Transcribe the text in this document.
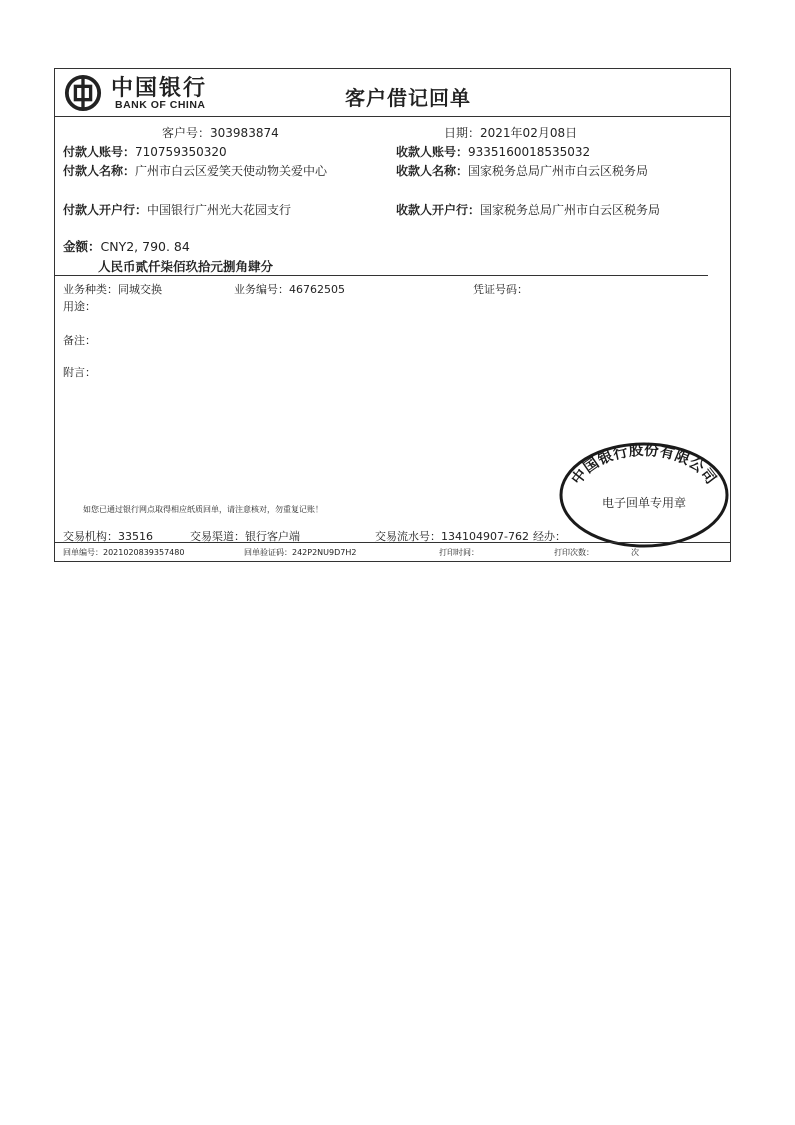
中国银行
BANK OF CHINA	客户借记回单
客户号：303983874	日期：2021年02月08日
付款人账号：710759350320	收款人账号：9335160018535032
付款人名称：广州市白云区爱笑天使动物关爱中心	收款人名称：国家税务总局广州市白云区税务局
付款人开户行：中国银行广州光大花园支行	收款人开户行：国家税务总局广州市白云区税务局
金额：CNY2, 790. 84
人民币贰仟柒佰玖拾元捌角肆分
业务种类：同城交换	业务编号：46762505	凭证号码：
用途：
备注：
附言：
中国银行股份有限公司
电子回单专用章
如您已通过银行网点取得相应纸质回单，请注意核对，勿重复记账！
交易机构：33516	交易渠道：银行客户端	交易流水号：134104907-762 经办：
回单编号：2021020839357480	回单验证码：242P2NU9D7H2	打印时间：	打印次数：	次
